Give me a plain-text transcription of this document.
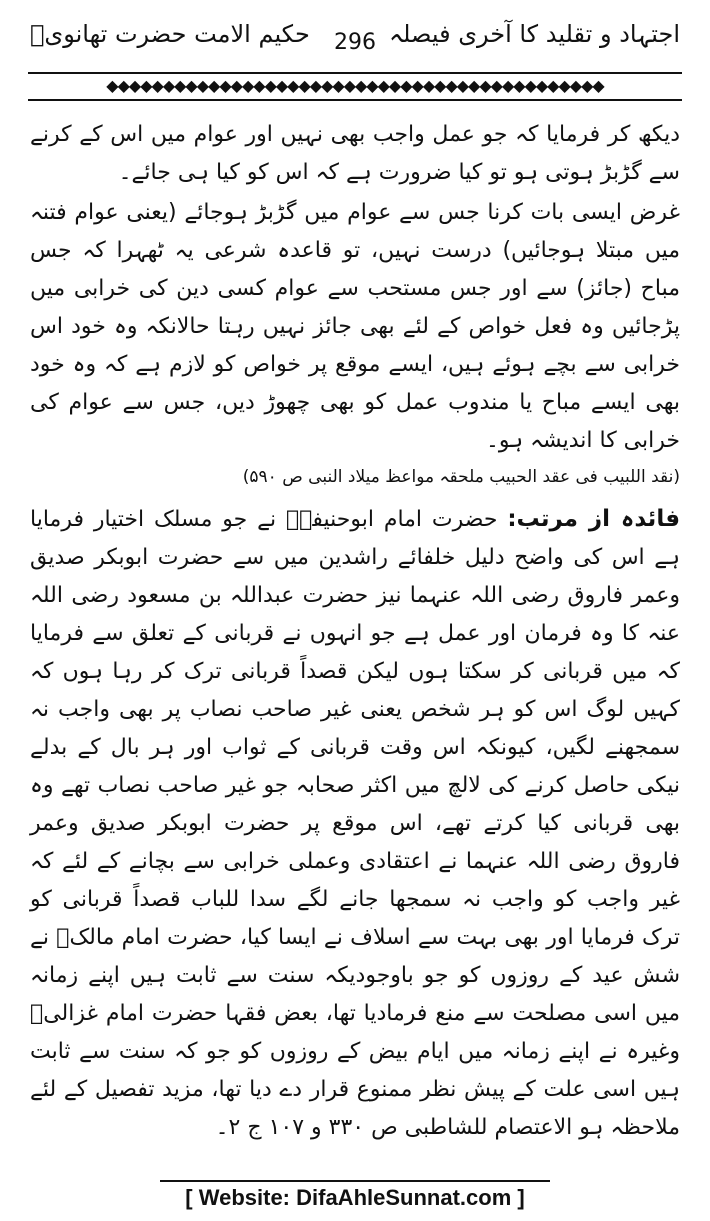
اجتہاد و تقلید کا آخری فیصلہ
296
حکیم الامت حضرت تھانویؒ
◆◆◆◆◆◆◆◆◆◆◆◆◆◆◆◆◆◆◆◆◆◆◆◆◆◆◆◆◆◆◆◆◆◆◆◆◆◆◆◆◆◆◆◆

دیکھ کر فرمایا کہ جو عمل واجب بھی نہیں اور عوام میں اس کے کرنے سے گڑبڑ ہوتی ہو تو کیا ضرورت ہے کہ اس کو کیا ہی جائے۔

غرض ایسی بات کرنا جس سے عوام میں گڑبڑ ہوجائے (یعنی عوام فتنہ میں مبتلا ہوجائیں) درست نہیں، تو قاعدہ شرعی یہ ٹھہرا کہ جس مباح (جائز) سے اور جس مستحب سے عوام کسی دین کی خرابی میں پڑجائیں وہ فعل خواص کے لئے بھی جائز نہیں رہتا حالانکہ وہ خود اس خرابی سے بچے ہوئے ہیں، ایسے موقع پر خواص کو لازم ہے کہ وہ خود بھی ایسے مباح یا مندوب عمل کو بھی چھوڑ دیں، جس سے عوام کی خرابی کا اندیشہ ہو۔

(نقد اللبیب فی عقد الحبیب ملحقہ مواعظ میلاد النبی ص ۵۹۰)

فائدہ از مرتب: حضرت امام ابوحنیفہؒ نے جو مسلک اختیار فرمایا ہے اس کی واضح دلیل خلفائے راشدین میں سے حضرت ابوبکر صدیق وعمر فاروق رضی اللہ عنہما نیز حضرت عبداللہ بن مسعود رضی اللہ عنہ کا وہ فرمان اور عمل ہے جو انہوں نے قربانی کے تعلق سے فرمایا کہ میں قربانی کر سکتا ہوں لیکن قصداً قربانی ترک کر رہا ہوں کہ کہیں لوگ اس کو ہر شخص یعنی غیر صاحب نصاب پر بھی واجب نہ سمجھنے لگیں، کیونکہ اس وقت قربانی کے ثواب اور ہر بال کے بدلے نیکی حاصل کرنے کی لالچ میں اکثر صحابہ جو غیر صاحب نصاب تھے وہ بھی قربانی کیا کرتے تھے، اس موقع پر حضرت ابوبکر صدیق وعمر فاروق رضی اللہ عنہما نے اعتقادی وعملی خرابی سے بچانے کے لئے کہ غیر واجب کو واجب نہ سمجھا جانے لگے سدا للباب قصداً قربانی کو ترک فرمایا اور بھی بہت سے اسلاف نے ایسا کیا، حضرت امام مالکؒ نے شش عید کے روزوں کو جو باوجودیکہ سنت سے ثابت ہیں اپنے زمانہ میں اسی مصلحت سے منع فرمادیا تھا، بعض فقہا حضرت امام غزالیؒ وغیرہ نے اپنے زمانہ میں ایام بیض کے روزوں کو جو کہ سنت سے ثابت ہیں اسی علت کے پیش نظر ممنوع قرار دے دیا تھا، مزید تفصیل کے لئے ملاحظہ ہو الاعتصام للشاطبی ص ۳۳۰ و ۱۰۷ ج ۲۔

[ Website: DifaAhleSunnat.com ]
